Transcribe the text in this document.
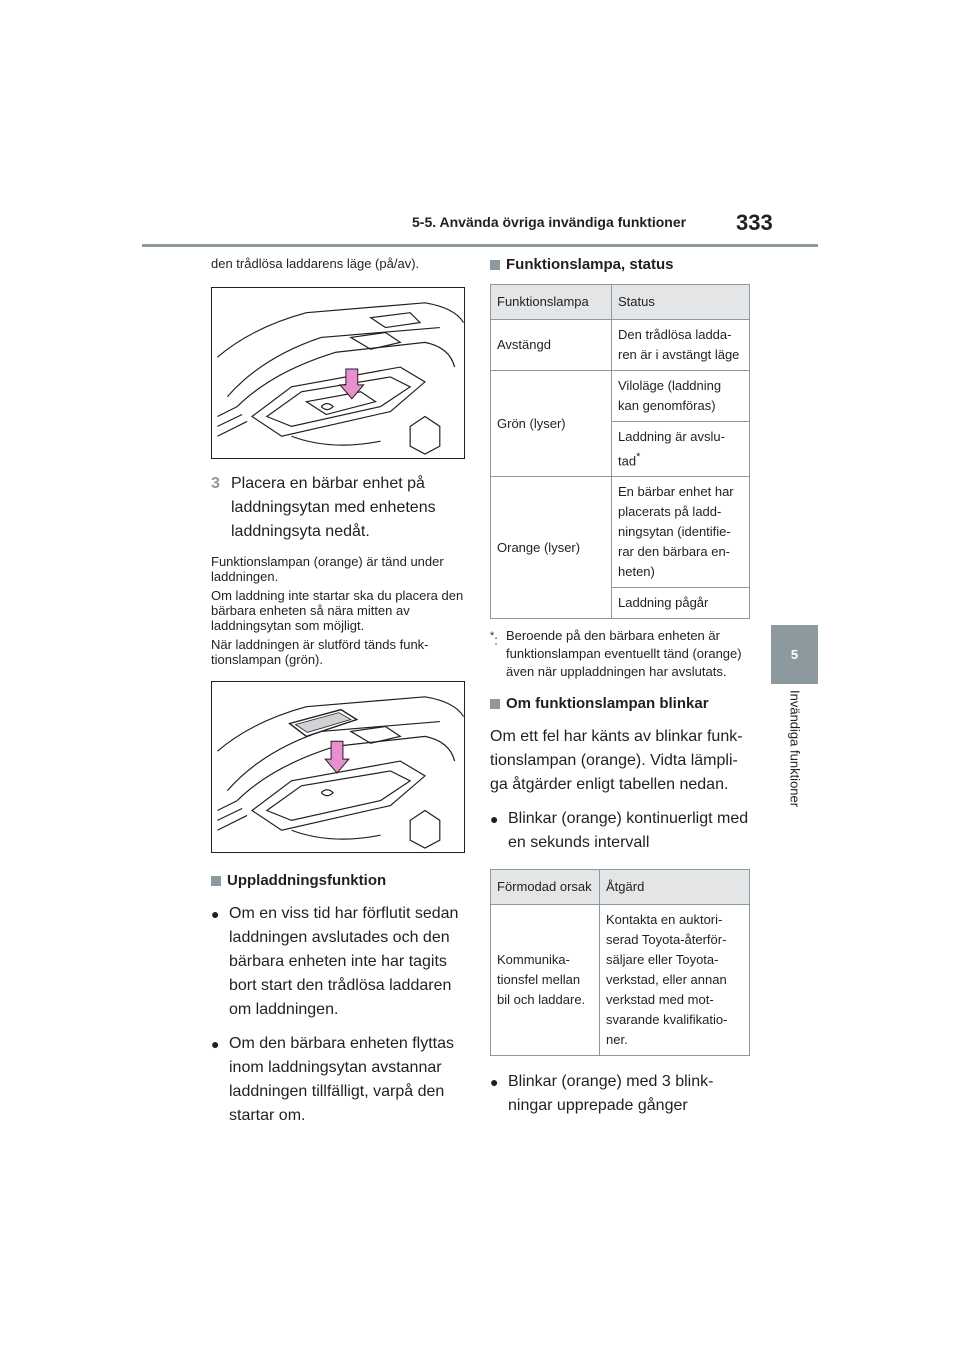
5-5. Använda övriga invändiga funktioner 333
5
Invändiga funktioner

den trådlösa laddarens läge (på/av).

3 Placera en bärbar enhet på laddningsytan med enhetens laddningsyta nedåt.

Funktionslampan (orange) är tänd under laddningen.

Om laddning inte startar ska du placera den bärbara enheten så nära mitten av laddningsytan som möjligt.

När laddningen är slutförd tänds funk-tionslampan (grön).

Uppladdningsfunktion

● Om en viss tid har förflutit sedan laddningen avslutades och den bärbara enheten inte har tagits bort start den trådlösa laddaren om laddningen.
● Om den bärbara enheten flyttas inom laddningsytan avstannar laddningen tillfälligt, varpå den startar om.

Funktionslampa, status

Funktionslampa	Status
Avstängd	Den trådlösa ladda-ren är i avstängt läge
Grön (lyser)	Viloläge (laddning kan genomföras)
	Laddning är avslu-tad*
Orange (lyser)	En bärbar enhet har placerats på ladd-ningsytan (identifie-rar den bärbara en-heten)
	Laddning pågår
*: Beroende på den bärbara enheten är funktionslampan eventuellt tänd (orange) även när uppladdningen har avslutats.

Om funktionslampan blinkar

Om ett fel har känts av blinkar funk-tionslampan (orange). Vidta lämpli-ga åtgärder enligt tabellen nedan.

● Blinkar (orange) kontinuerligt med en sekunds intervall
Förmodad orsak	Åtgärd
Kommunika-tionsfel mellan bil och laddare.	Kontakta en auktori-serad Toyota-återför-säljare eller Toyota-verkstad, eller annan verkstad med mot-svarande kvalifikatio-ner.
● Blinkar (orange) med 3 blink-ningar upprepade gånger
